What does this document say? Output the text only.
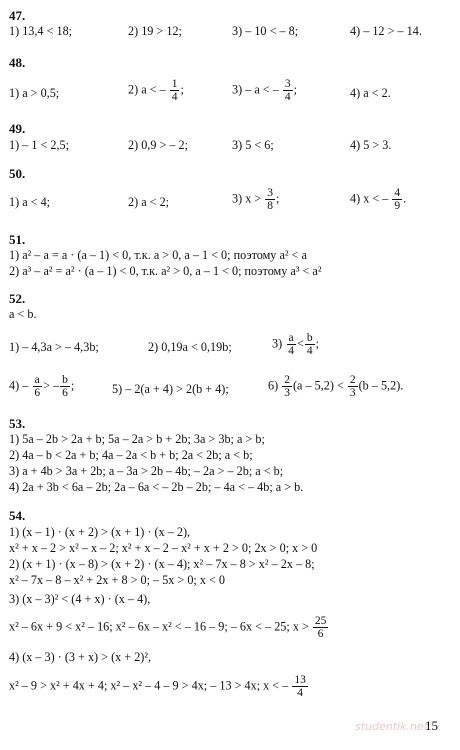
47.
1) 13,4 < 18;	2) 19 > 12;	3) – 10 < – 8;	4) – 12 > – 14.
48.
1) a > 0,5;	2) a < – $\frac{1}{4}$ ;	3) – a < – $\frac{3}{4}$ ;	4) a < 2.
49.
1) – 1 < 2,5;	2) 0,9 > – 2;	3) 5 < 6;	4) 5 > 3.
50.
1) a < 4;	2) a < 2;	3) $x > \frac{3}{8}$ ;	4) x < – $\frac{4}{9}$ .
51.
1) a² – a = a · (a – 1) < 0, т.к. a > 0, a – 1 < 0; поэтому a² < a
2) a³ – a² = a² · (a – 1) < 0, т.к. a² > 0, a – 1 < 0; поэтому a³ < a²
52.
a < b.
1) – 4,3a > – 4,3b;	2) 0,19a < 0,19b;	$3) \frac{a}{4} < \frac{b}{4}$ ;
$4) - \frac{a}{6}$ > – $\frac{b}{6}$ ;	5) – 2(a + 4) > 2(b + 4);	$6) \frac{2}{3} (a - 5,2) < \frac{2}{3} (b - 5,2)$.
53.
1) 5a – 2b > 2a + b; 5a – 2a > b + 2b; 3a > 3b; a > b;
2) 4a – b < 2a + b; 4a – 2a < b + b; 2a < 2b; a < b;
3) a + 4b > 3a + 2b; a – 3a > 2b – 4b; – 2a > – 2b; a < b;
4) 2a + 3b < 6a – 2b; 2a – 6a < – 2b – 2b; – 4a < – 4b; a > b.
54.
1) (x – 1) · (x + 2) > (x + 1) · (x – 2),
x² + x – 2 > x² – x – 2; x² + x – 2 – x² + x + 2 > 0; 2x > 0; x > 0
2) (x + 1) · (x – 8) > (x + 2) · (x – 4); x² – 7x – 8 > x² – 2x – 8;
x² – 7x – 8 – x² + 2x + 8 > 0; – 5x > 0; x < 0
3) (x – 3)² < (4 + x) · (x – 4),
x² – 6x + 9 < x² – 16; x² – 6x – x² < – 16 – 9; – 6x < – 25; $x > \frac{25}{6}$
4) (x – 3) · (3 + x) > (x + 2)²,
x² – 9 > x² + 4x + 4; x² – x² – 4 – 9 > 4x; – 13 > 4x; x < – $\frac{13}{4}$
studentik.net
15
